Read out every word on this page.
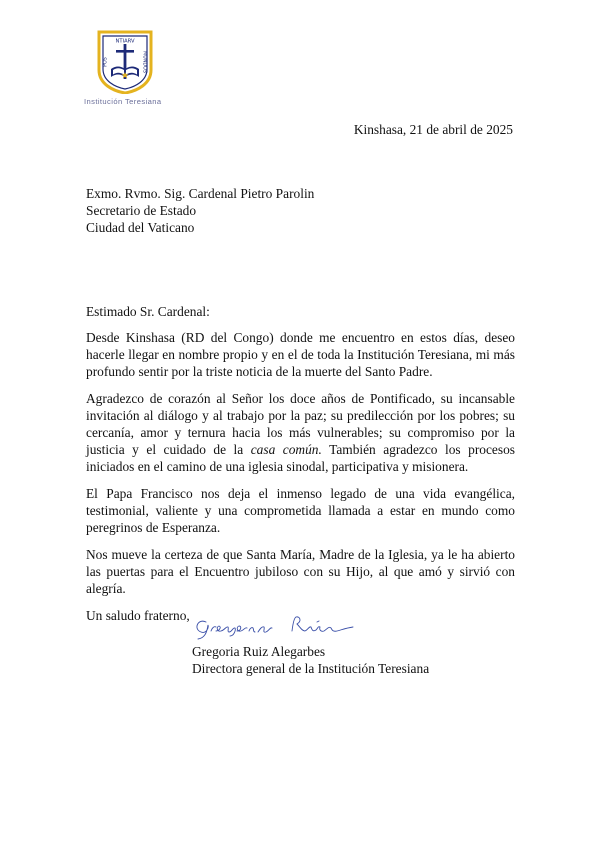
NTIARV
MUNDOS
POS
Institución Teresiana
Kinshasa, 21 de abril de 2025
Exmo. Rvmo. Sig. Cardenal Pietro Parolin
Secretario de Estado
Ciudad del Vaticano

Estimado Sr. Cardenal:

Desde Kinshasa (RD del Congo) donde me encuentro en estos días, deseo hacerle llegar en nombre propio y en el de toda la Institución Teresiana, mi más profundo sentir por la triste noticia de la muerte del Santo Padre.

Agradezco de corazón al Señor los doce años de Pontificado, su incansable invitación al diálogo y al trabajo por la paz; su predilección por los pobres; su cercanía, amor y ternura hacia los más vulnerables; su compromiso por la justicia y el cuidado de la casa común. También agradezco los procesos iniciados en el camino de una iglesia sinodal, participativa y misionera.

El Papa Francisco nos deja el inmenso legado de una vida evangélica, testimonial, valiente y una comprometida llamada a estar en mundo como peregrinos de Esperanza.

Nos mueve la certeza de que Santa María, Madre de la Iglesia, ya le ha abierto las puertas para el Encuentro jubiloso con su Hijo, al que amó y sirvió con alegría.

Un saludo fraterno,

Gregoria Ruiz Alegarbes
Directora general de la Institución Teresiana
